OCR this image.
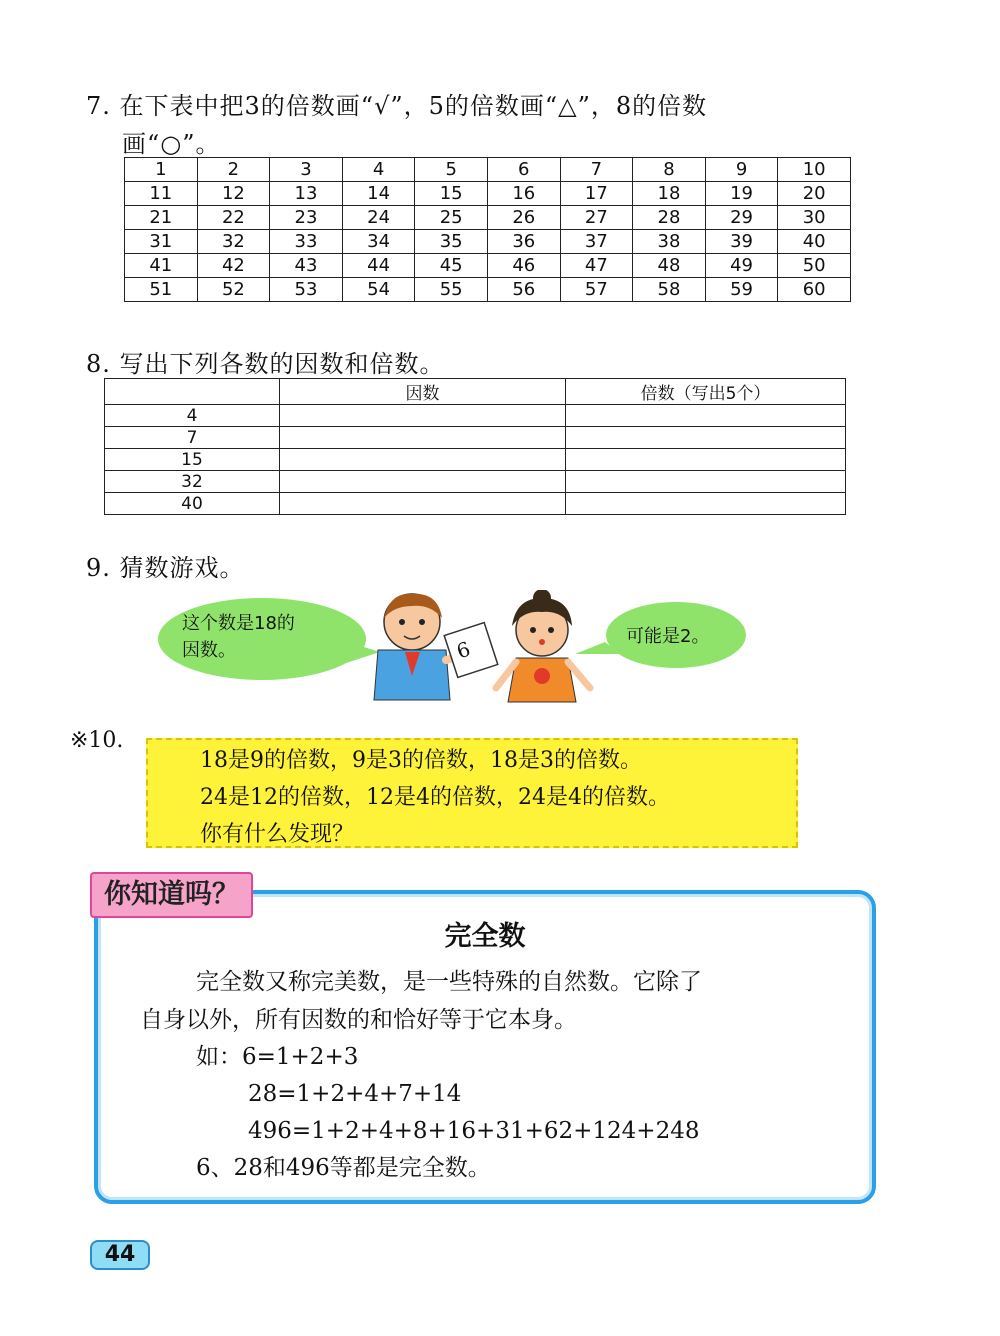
7. 在下表中把3的倍数画“√”，5的倍数画“△”，8的倍数
画“○”。
1	2	3	4	5	6	7	8	9	10
11	12	13	14	15	16	17	18	19	20
21	22	23	24	25	26	27	28	29	30
31	32	33	34	35	36	37	38	39	40
41	42	43	44	45	46	47	48	49	50
51	52	53	54	55	56	57	58	59	60
8. 写出下列各数的因数和倍数。
	因数	倍数（写出5个）
4		
7		
15		
32		
40		
9. 猜数游戏。
这个数是18的
因数。	6
可能是2。
※10.
18是9的倍数，9是3的倍数，18是3的倍数。
24是12的倍数，12是4的倍数，24是4的倍数。
你有什么发现？
你知道吗？
完全数
完全数又称完美数，是一些特殊的自然数。它除了
自身以外，所有因数的和恰好等于它本身。
如：6=1+2+3
28=1+2+4+7+14
496=1+2+4+8+16+31+62+124+248
6、28和496等都是完全数。
44
